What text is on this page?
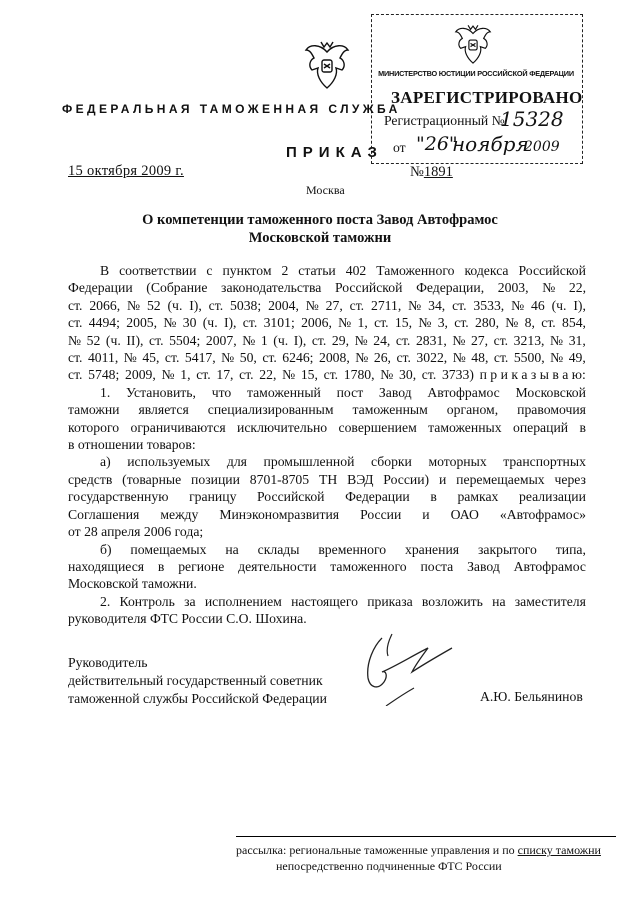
МИНИСТЕРСТВО ЮСТИЦИИ РОССИЙСКОЙ ФЕДЕРАЦИИ
ЗАРЕГИСТРИРОВАНО
Регистрационный №
15328
от "26"
ноября
2009
ФЕДЕРАЛЬНАЯ ТАМОЖЕННАЯ СЛУЖБА
ПРИКАЗ
15 октября 2009 г.	№1891
Москва
О компетенции таможенного поста Завод Автофрамос
Московской таможни
В соответствии с пунктом 2 статьи 402 Таможенного кодекса Российской
Федерации (Собрание законодательства Российской Федерации, 2003, № 22,
ст. 2066, № 52 (ч. I), ст. 5038; 2004, № 27, ст. 2711, № 34, ст. 3533, № 46 (ч. I),
ст. 4494; 2005, № 30 (ч. I), ст. 3101; 2006, № 1, ст. 15, № 3, ст. 280, № 8, ст. 854,
№ 52 (ч. II), ст. 5504; 2007, № 1 (ч. I), ст. 29, № 24, ст. 2831, № 27, ст. 3213, № 31,
ст. 4011, № 45, ст. 5417, № 50, ст. 6246; 2008, № 26, ст. 3022, № 48, ст. 5500, № 49,
ст. 5748; 2009, № 1, ст. 17, ст. 22, № 15, ст. 1780, № 30, ст. 3733) п р и к а з ы в а ю:
1. Установить, что таможенный пост Завод Автофрамос Московской
таможни является специализированным таможенным органом, правомочия
которого ограничиваются исключительно совершением таможенных операций в
в отношении товаров:
а) используемых для промышленной сборки моторных транспортных
средств (товарные позиции 8701-8705 ТН ВЭД России) и перемещаемых через
государственную границу Российской Федерации в рамках реализации
Соглашения между Минэкономразвития России и ОАО «Автофрамос»
от 28 апреля 2006 года;
б) помещаемых на склады временного хранения закрытого типа,
находящиеся в регионе деятельности таможенного поста Завод Автофрамос
Московской таможни.
2. Контроль за исполнением настоящего приказа возложить на заместителя
руководителя ФТС России С.О. Шохина.
Руководитель
действительный государственный советник
таможенной службы Российской Федерации	А.Ю. Бельянинов
рассылка: региональные таможенные управления и по списку таможни
непосредственно подчиненные ФТС России
